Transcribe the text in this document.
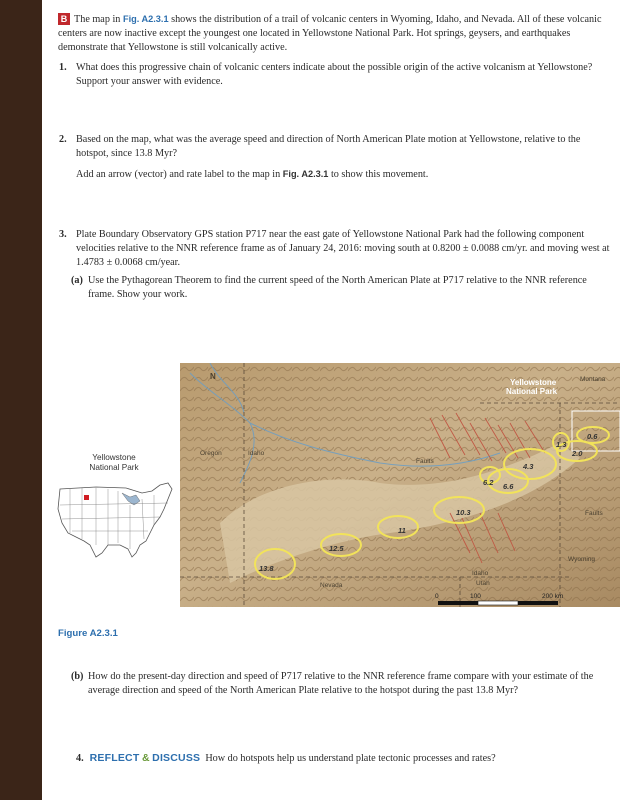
B The map in Fig. A2.3.1 shows the distribution of a trail of volcanic centers in Wyoming, Idaho, and Nevada. All of these volcanic centers are now inactive except the youngest one located in Yellowstone National Park. Hot springs, geysers, and earthquakes demonstrate that Yellowstone is still volcanically active.
1. What does this progressive chain of volcanic centers indicate about the possible origin of the active volcanism at Yellowstone? Support your answer with evidence.
2. Based on the map, what was the average speed and direction of North American Plate motion at Yellowstone, relative to the hotspot, since 13.8 Myr?
Add an arrow (vector) and rate label to the map in Fig. A2.3.1 to show this movement.
3. Plate Boundary Observatory GPS station P717 near the east gate of Yellowstone National Park had the following component velocities relative to the NNR reference frame as of January 24, 2016: moving south at 0.8200 ± 0.0088 cm/yr. and moving west at 1.4783 ± 0.0068 cm/year.
(a) Use the Pythagorean Theorem to find the current speed of the North American Plate at P717 relative to the NNR reference frame. Show your work.
(b) How do the present-day direction and speed of P717 relative to the NNR reference frame compare with your estimate of the average direction and speed of the North American Plate relative to the hotspot during the past 13.8 Myr?
Yellowstone
National Park
13.8
12.5
11
10.3
6.6
6.2
4.3
1.3
2.0
0.6
N
Oregon	Idaho
Nevada
Idaho
Utah
Wyoming
Montana
Faults
Faults
Yellowstone
National Park
0	100	200 km
Figure A2.3.1
4. REFLECT & DISCUSS How do hotspots help us understand plate tectonic processes and rates?
